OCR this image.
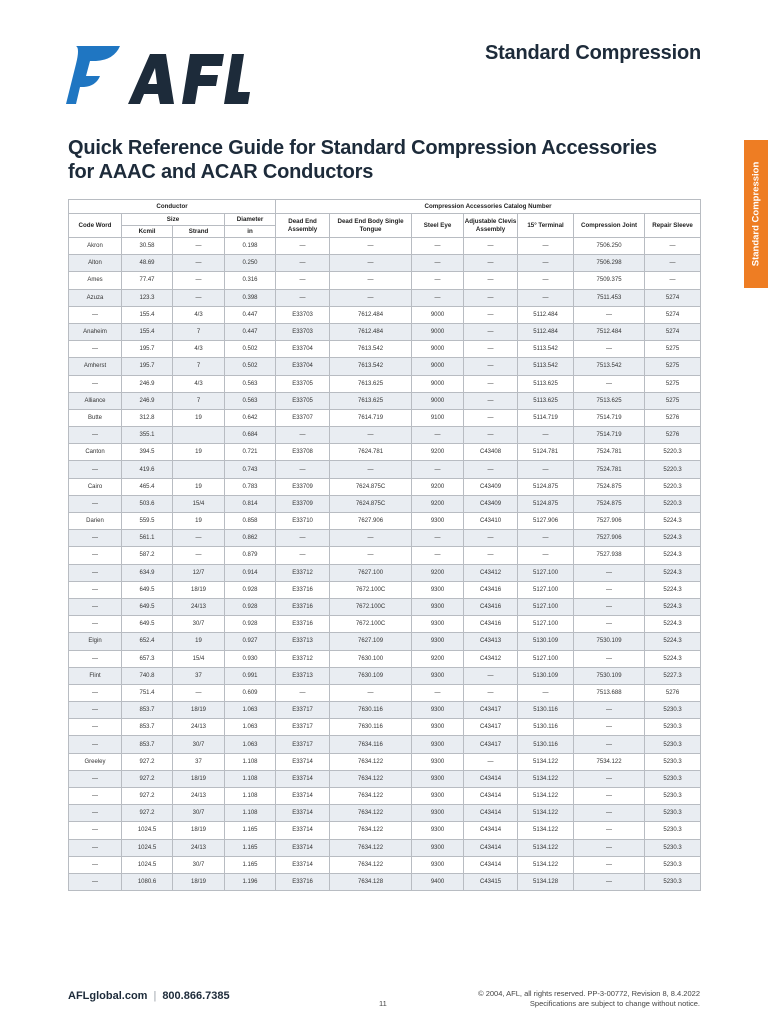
Standard Compression
Quick Reference Guide for Standard Compression Accessories
for AAAC and ACAR Conductors	Standard Compression
Conductor				Compression Accessories Catalog Number						
Code Word	Size		Diameter	Dead End Assembly	Dead End Body Single Tongue	Steel Eye	Adjustable Clevis Assembly	15° Terminal	Compression Joint	Repair Sleeve
	Kcmil	Strand	in							
Akron	30.58	—	0.198	—	—	—	—	—	7506.250	—
Alton	48.69	—	0.250	—	—	—	—	—	7506.298	—
Ames	77.47	—	0.316	—	—	—	—	—	7509.375	—
Azuza	123.3	—	0.398	—	—	—	—	—	7511.453	5274
—	155.4	4/3	0.447	E33703	7612.484	9000	—	5112.484	—	5274
Anaheim	155.4	7	0.447	E33703	7612.484	9000	—	5112.484	7512.484	5274
—	195.7	4/3	0.502	E33704	7613.542	9000	—	5113.542	—	5275
Amherst	195.7	7	0.502	E33704	7613.542	9000	—	5113.542	7513.542	5275
—	246.9	4/3	0.563	E33705	7613.625	9000	—	5113.625	—	5275
Alliance	246.9	7	0.563	E33705	7613.625	9000	—	5113.625	7513.625	5275
Butte	312.8	19	0.642	E33707	7614.719	9100	—	5114.719	7514.719	5276
—	355.1		0.684	—	—	—	—	—	7514.719	5276
Canton	394.5	19	0.721	E33708	7624.781	9200	C43408	5124.781	7524.781	5220.3
—	419.6		0.743	—	—	—	—	—	7524.781	5220.3
Cairo	465.4	19	0.783	E33709	7624.875C	9200	C43409	5124.875	7524.875	5220.3
—	503.6	15/4	0.814	E33709	7624.875C	9200	C43409	5124.875	7524.875	5220.3
Darien	559.5	19	0.858	E33710	7627.906	9300	C43410	5127.906	7527.906	5224.3
—	561.1	—	0.862	—	—	—	—	—	7527.906	5224.3
—	587.2	—	0.879	—	—	—	—	—	7527.938	5224.3
—	634.9	12/7	0.914	E33712	7627.100	9200	C43412	5127.100	—	5224.3
—	649.5	18/19	0.928	E33716	7672.100C	9300	C43416	5127.100	—	5224.3
—	649.5	24/13	0.928	E33716	7672.100C	9300	C43416	5127.100	—	5224.3
—	649.5	30/7	0.928	E33716	7672.100C	9300	C43416	5127.100	—	5224.3
Elgin	652.4	19	0.927	E33713	7627.109	9300	C43413	5130.109	7530.109	5224.3
—	657.3	15/4	0.930	E33712	7630.100	9200	C43412	5127.100	—	5224.3
Flint	740.8	37	0.991	E33713	7630.109	9300	—	5130.109	7530.109	5227.3
—	751.4	—	0.609	—	—	—	—	—	7513.688	5276
—	853.7	18/19	1.063	E33717	7630.116	9300	C43417	5130.116	—	5230.3
—	853.7	24/13	1.063	E33717	7630.116	9300	C43417	5130.116	—	5230.3
—	853.7	30/7	1.063	E33717	7634.116	9300	C43417	5130.116	—	5230.3
Greeley	927.2	37	1.108	E33714	7634.122	9300	—	5134.122	7534.122	5230.3
—	927.2	18/19	1.108	E33714	7634.122	9300	C43414	5134.122	—	5230.3
—	927.2	24/13	1.108	E33714	7634.122	9300	C43414	5134.122	—	5230.3
—	927.2	30/7	1.108	E33714	7634.122	9300	C43414	5134.122	—	5230.3
—	1024.5	18/19	1.165	E33714	7634.122	9300	C43414	5134.122	—	5230.3
—	1024.5	24/13	1.165	E33714	7634.122	9300	C43414	5134.122	—	5230.3
—	1024.5	30/7	1.165	E33714	7634.122	9300	C43414	5134.122	—	5230.3
—	1080.6	18/19	1.196	E33716	7634.128	9400	C43415	5134.128	—	5230.3
AFLglobal.com | 800.866.7385
11
© 2004, AFL, all rights reserved. PP-3-00772, Revision 8, 8.4.2022
Specifications are subject to change without notice.
